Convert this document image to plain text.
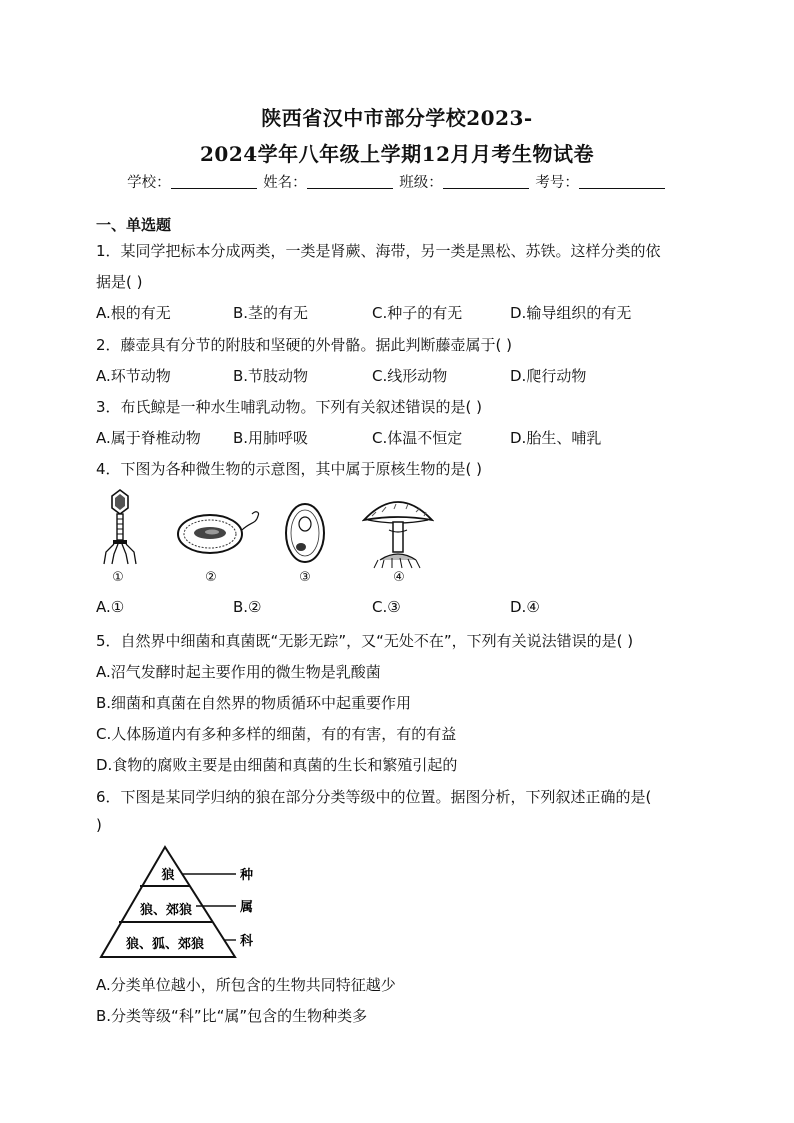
陕西省汉中市部分学校2023-
2024学年八年级上学期12月月考生物试卷
学校：	姓名：	班级：	考号：
一、单选题
1．某同学把标本分成两类，一类是肾蕨、海带，另一类是黑松、苏铁。这样分类的依
据是( )
A.根的有无	B.茎的有无	C.种子的有无	D.输导组织的有无
2．藤壶具有分节的附肢和坚硬的外骨骼。据此判断藤壶属于( )
A.环节动物	B.节肢动物	C.线形动物	D.爬行动物
3．布氏鲸是一种水生哺乳动物。下列有关叙述错误的是( )
A.属于脊椎动物 B.用肺呼吸	C.体温不恒定	D.胎生、哺乳
4．下图为各种微生物的示意图，其中属于原核生物的是( )
①	②	③	④
A.①	B.②	C.③	D.④
5．自然界中细菌和真菌既“无影无踪”，又“无处不在”，下列有关说法错误的是( )
A.沼气发酵时起主要作用的微生物是乳酸菌
B.细菌和真菌在自然界的物质循环中起重要作用
C.人体肠道内有多种多样的细菌，有的有害，有的有益
D.食物的腐败主要是由细菌和真菌的生长和繁殖引起的
6．下图是某同学归纳的狼在部分分类等级中的位置。据图分析，下列叙述正确的是(
)
狼
狼、郊狼
狼、狐、郊狼
种
属
科
A.分类单位越小，所包含的生物共同特征越少
B.分类等级“科”比“属”包含的生物种类多
